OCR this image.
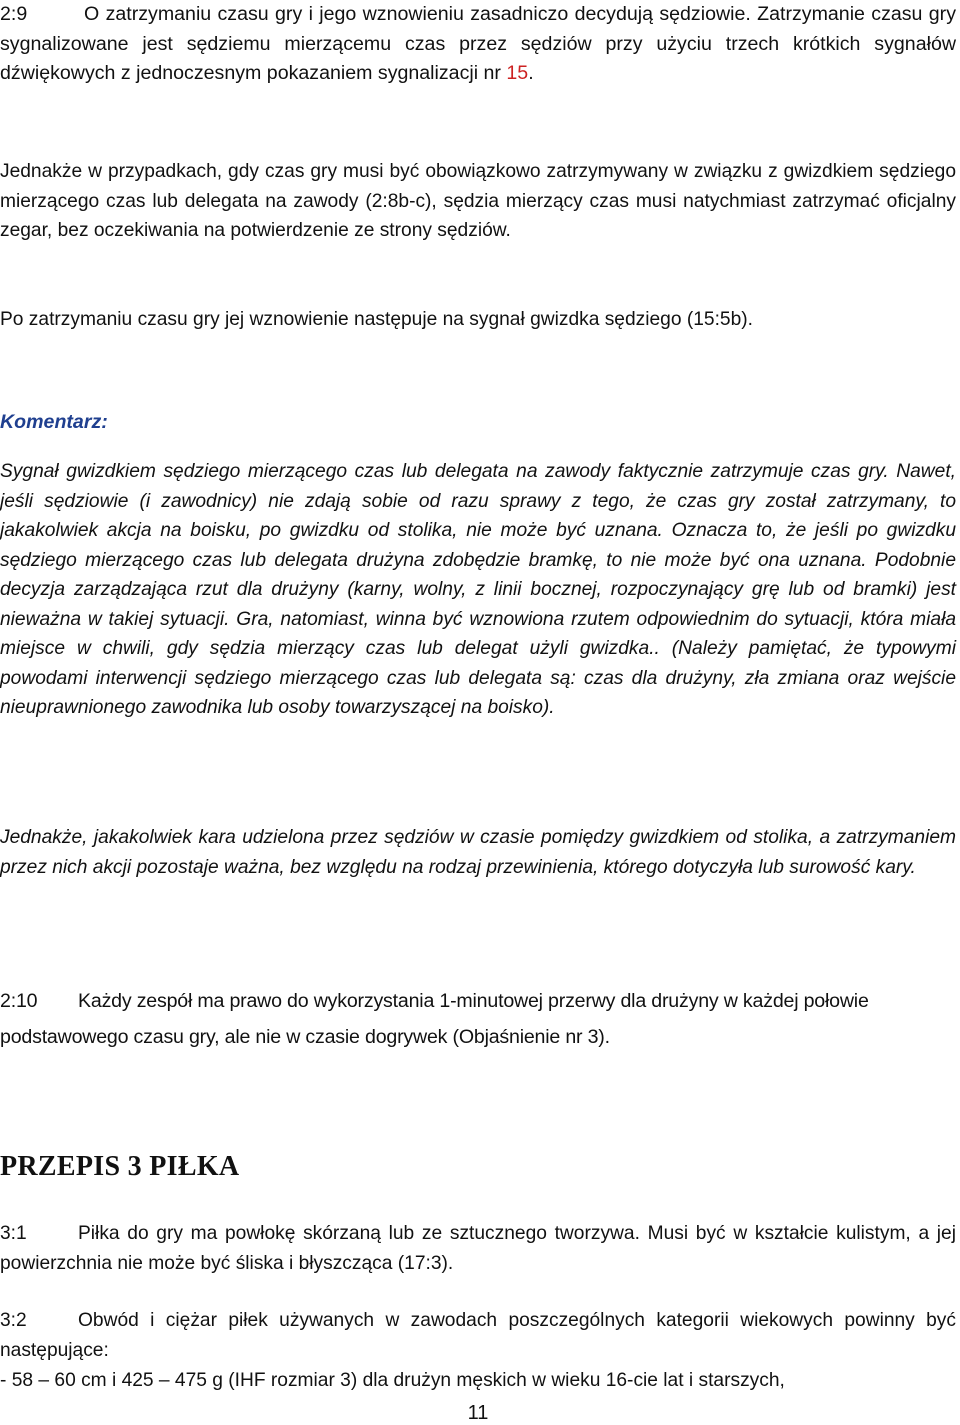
2:9	O zatrzymaniu czasu gry i jego wznowieniu zasadniczo decydują sędziowie. Zatrzymanie czasu gry sygnalizowane jest sędziemu mierzącemu czas przez sędziów przy użyciu trzech krótkich sygnałów dźwiękowych z jednoczesnym pokazaniem sygnalizacji nr 15.
Jednakże w przypadkach, gdy czas gry musi być obowiązkowo zatrzymywany w związku z gwizdkiem sędziego mierzącego czas lub delegata na zawody (2:8b-c), sędzia mierzący czas musi natychmiast zatrzymać oficjalny zegar, bez oczekiwania na potwierdzenie ze strony sędziów.
Po zatrzymaniu czasu gry jej wznowienie następuje na sygnał gwizdka sędziego (15:5b).
Komentarz:
Sygnał gwizdkiem sędziego mierzącego czas lub delegata na zawody faktycznie zatrzymuje czas gry. Nawet, jeśli sędziowie (i zawodnicy) nie zdają sobie od razu sprawy z tego, że czas gry został zatrzymany, to jakakolwiek akcja na boisku, po gwizdku od stolika, nie może być uznana. Oznacza to, że jeśli po gwizdku sędziego mierzącego czas lub delegata drużyna zdobędzie bramkę, to nie może być ona uznana. Podobnie decyzja zarządzająca rzut dla drużyny (karny, wolny, z linii bocznej, rozpoczynający grę lub od bramki) jest nieważna w takiej sytuacji. Gra, natomiast, winna być wznowiona rzutem odpowiednim do sytuacji, która miała miejsce w chwili, gdy sędzia mierzący czas lub delegat użyli gwizdka.. (Należy pamiętać, że typowymi powodami interwencji sędziego mierzącego czas lub delegata są: czas dla drużyny, zła zmiana oraz wejście nieuprawnionego zawodnika lub osoby towarzyszącej na boisko).
Jednakże, jakakolwiek kara udzielona przez sędziów w czasie pomiędzy gwizdkiem od stolika, a zatrzymaniem przez nich akcji pozostaje ważna, bez względu na rodzaj przewinienia, którego dotyczyła lub surowość kary.
2:10 Każdy zespół ma prawo do wykorzystania 1-minutowej przerwy dla drużyny w każdej połowie podstawowego czasu gry, ale nie w czasie dogrywek (Objaśnienie nr 3).
PRZEPIS 3 PIŁKA
3:1	Piłka do gry ma powłokę skórzaną lub ze sztucznego tworzywa. Musi być w kształcie kulistym, a jej powierzchnia nie może być śliska i błyszcząca (17:3).
3:2	Obwód i ciężar piłek używanych w zawodach poszczególnych kategorii wiekowych powinny być następujące:
- 58 – 60 cm i 425 – 475 g (IHF rozmiar 3) dla drużyn męskich w wieku 16-cie lat i starszych,
11
